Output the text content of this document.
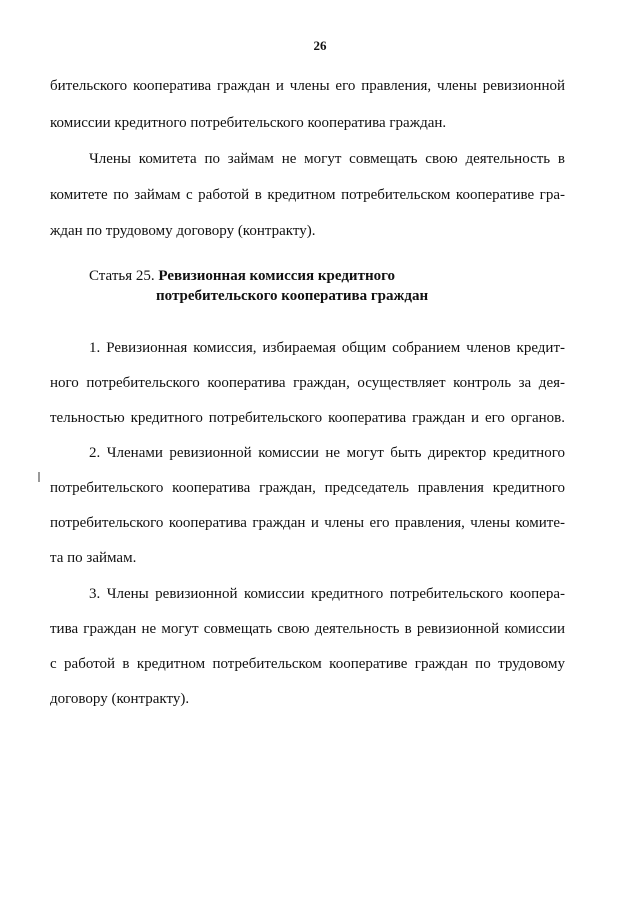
26
бительского кооператива граждан и члены его правления, члены ревизионной
комиссии кредитного потребительского кооператива граждан.
Члены комитета по займам не могут совмещать свою деятельность в
комитете по займам с работой в кредитном потребительском кооперативе гра-
ждан по трудовому договору (контракту).
Статья 25. Ревизионная комиссия кредитного
потребительского кооператива граждан
1. Ревизионная комиссия, избираемая общим собранием членов кредит-
ного потребительского кооператива граждан, осуществляет контроль за дея-
тельностью кредитного потребительского кооператива граждан и его органов.
2. Членами ревизионной комиссии не могут быть директор кредитного
потребительского кооператива граждан, председатель правления кредитного
потребительского кооператива граждан и члены его правления, члены комите-
та по займам.
3. Члены ревизионной комиссии кредитного потребительского коопера-
тива граждан не могут совмещать свою деятельность в ревизионной комиссии
с работой в кредитном потребительском кооперативе граждан по трудовому
договору (контракту).
